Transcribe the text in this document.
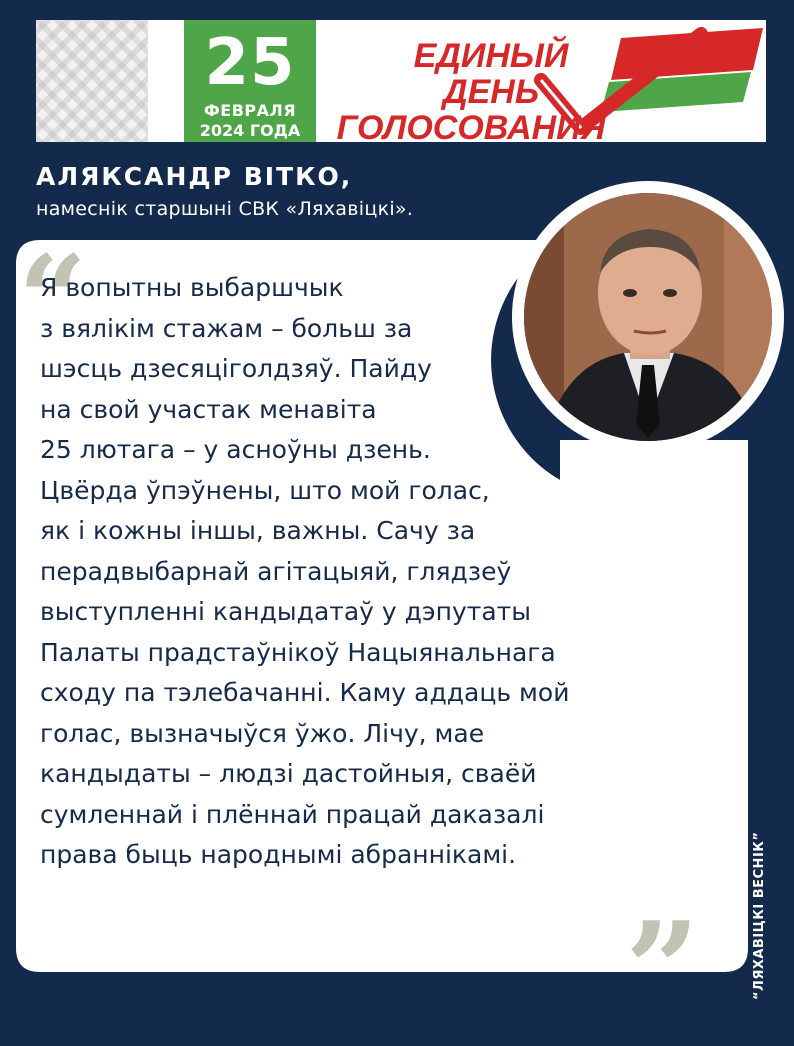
25
ФЕВРАЛЯ
2024 ГОДА
ЕДИНЫЙ ДЕНЬ
ГОЛОСОВАНИЯ
АЛЯКСАНДР ВІТКО,
намеснік старшыні СВК «Ляхавіцкі».
“
Я вопытны выбаршчык
з вялікім стажам – больш за
шэсць дзесяціголдзяў. Пайду
на свой участак менавіта
25 лютага – у асноўны дзень.
Цвёрда ўпэўнены, што мой голас,
як і кожны іншы, важны. Сачу за
перадвыбарнай агітацыяй, глядзеў
выступленні кандыдатаў у дэпутаты
Палаты прадстаўнікоў Нацыянальнага
сходу па тэлебачанні. Каму аддаць мой
голас, вызначыўся ўжо. Лічу, мае
кандыдаты – людзі дастойныя, сваёй
сумленнай і плённай працай даказалі
права быць народнымі абраннікамі.
”	“ЛЯХАВІЦКІ ВЕСНІК”
